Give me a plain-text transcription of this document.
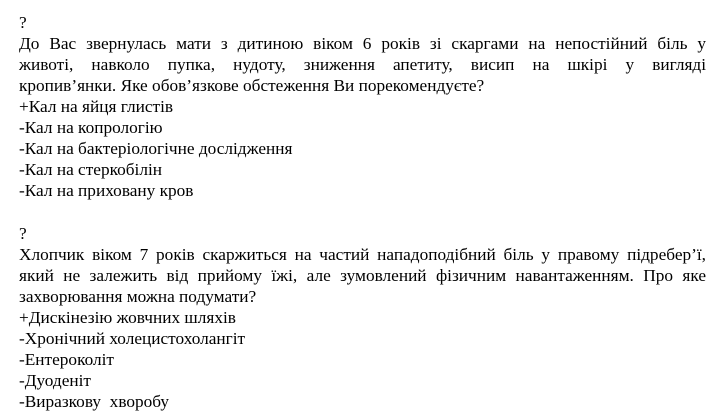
?
До Вас звернулась мати з дитиною віком 6 років зі скаргами на непостійний біль у
животі, навколо пупка, нудоту, зниження апетиту, висип на шкірі у вигляді
кропив’янки. Яке обов’язкове обстеження Ви порекомендуєте?
+Кал на яйця глистів
-Кал на копрологію
-Кал на бактеріологічне дослідження
-Кал на стеркобілін
-Кал на приховану кров
?
Хлопчик віком 7 років скаржиться на частий нападоподібний біль у правому підребер’ї,
який не залежить від прийому їжі, але зумовлений фізичним навантаженням. Про яке
захворювання можна подумати?
+Дискінезію жовчних шляхів
-Хронічний холецистохолангіт
-Ентероколіт
-Дуоденіт
-Виразкову  хворобу
